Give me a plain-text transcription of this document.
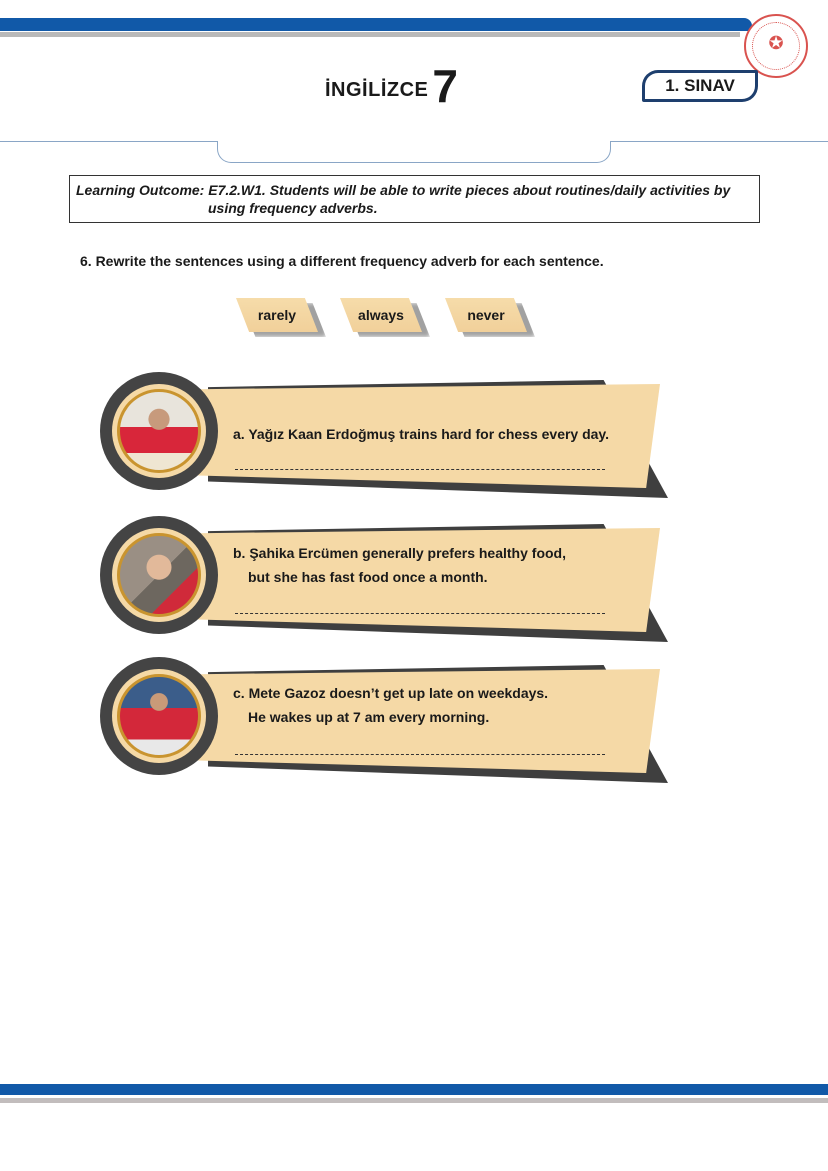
✪
İNGİLİZCE 7	1. SINAV
Learning Outcome: E7.2.W1. Students will be able to write pieces about routines/daily activities by
using frequency adverbs.
6. Rewrite the sentences using a different frequency adverb for each sentence.
rarely	always	never
a. Yağız Kaan Erdoğmuş trains hard for chess every day.
b. Şahika Ercümen generally prefers healthy food,
but she has fast food once a month.
c. Mete Gazoz doesn’t get up late on weekdays.
He wakes up at 7 am every morning.
